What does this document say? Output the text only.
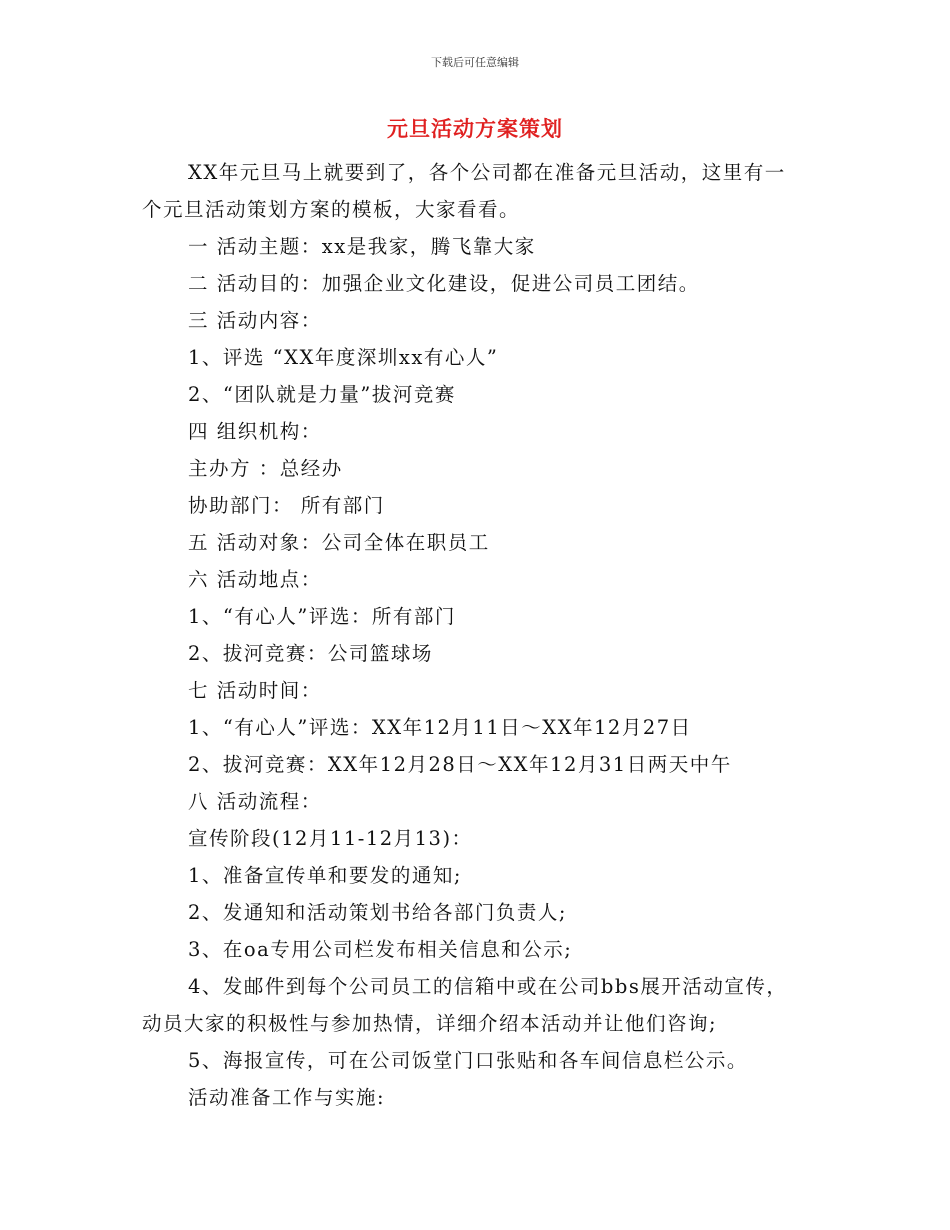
下载后可任意编辑
元旦活动方案策划
XX年元旦马上就要到了，各个公司都在准备元旦活动，这里有一
个元旦活动策划方案的模板，大家看看。
一 活动主题：xx是我家，腾飞靠大家
二 活动目的：加强企业文化建设，促进公司员工团结。
三 活动内容：
1、评选 “XX年度深圳xx有心人”
2、“团队就是力量”拔河竞赛
四 组织机构：
主办方 ：总经办
协助部门： 所有部门
五 活动对象：公司全体在职员工
六 活动地点：
1、“有心人”评选：所有部门
2、拔河竞赛：公司篮球场
七 活动时间：
1、“有心人”评选：XX年12月11日～XX年12月27日
2、拔河竞赛：XX年12月28日～XX年12月31日两天中午
八 活动流程：
宣传阶段(12月11-12月13)：
1、准备宣传单和要发的通知;
2、发通知和活动策划书给各部门负责人;
3、在oa专用公司栏发布相关信息和公示;
4、发邮件到每个公司员工的信箱中或在公司bbs展开活动宣传，
动员大家的积极性与参加热情，详细介绍本活动并让他们咨询;
5、海报宣传，可在公司饭堂门口张贴和各车间信息栏公示。
活动准备工作与实施:
